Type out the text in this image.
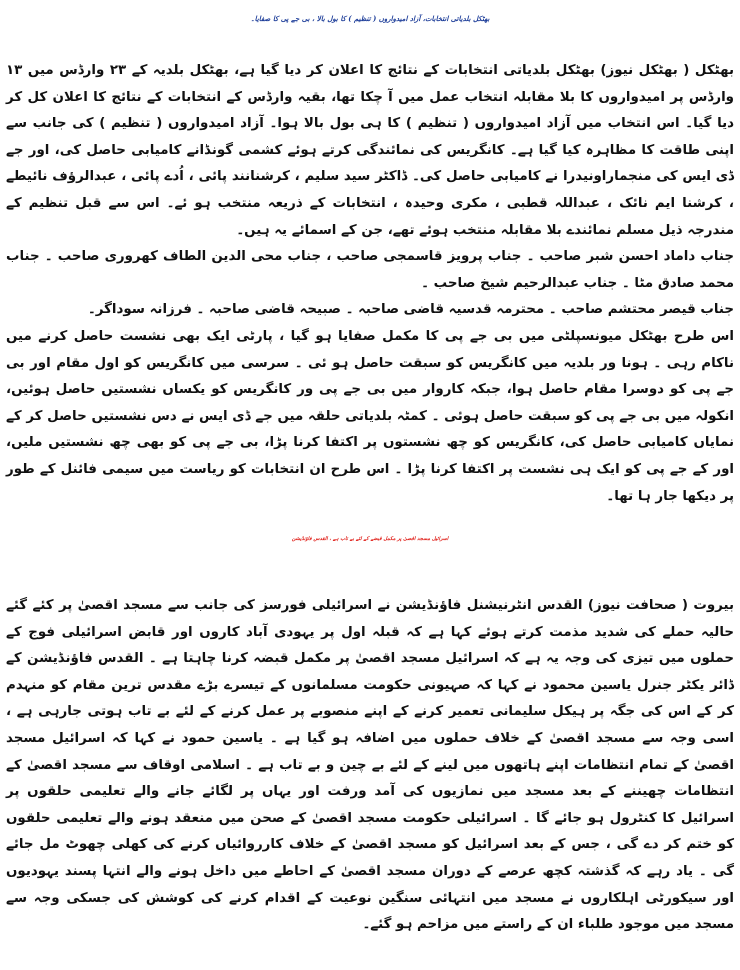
بھٹکل بلدیاتی انتخابات، آزاد امیدواروں ( تنظیم ) کا بول بالا ، بی جے پی کا صفایا۔

بھٹکل ( بھٹکل نیوز) بھٹکل بلدیاتی انتخابات کے نتائج کا اعلان کر دیا گیا ہے، بھٹکل بلدیہ کے ۲۳ وارڈس میں ۱۳ وارڈس پر امیدواروں کا بلا مقابلہ انتخاب عمل میں آ چکا تھا، بقیہ وارڈس کے انتخابات کے نتائج کا اعلان کل کر دیا گیا۔ اس انتخاب میں آزاد امیدواروں ( تنظیم ) کا ہی بول بالا ہوا۔ آزاد امیدواروں ( تنظیم ) کی جانب سے اپنی طاقت کا مظاہرہ کیا گیا ہے۔ کانگریس کی نمائندگی کرتے ہوئے کشمی گونڈانے کامیابی حاصل کی، اور جے ڈی ایس کی منجماراونیدرا نے کامیابی حاصل کی۔ ڈاکٹر سید سلیم ، کرشنانند پائی ، اُدے پائی ، عبدالرؤف نائیطے ، کرشنا ایم نائک ، عبداللہ قطبی ، مکری وحیدہ ، انتخابات کے ذریعہ منتخب ہو ئے۔ اس سے قبل تنظیم کے مندرجہ ذیل مسلم نمائندے بلا مقابلہ منتخب ہوئے تھے، جن کے اسمائے یہ ہیں۔

جناب داماد احسن شبر صاحب ۔ جناب پرویز قاسمجی صاحب ، جناب محی الدین الطاف کھروری صاحب ۔ جناب محمد صادق مٹا ۔ جناب عبدالرحیم شیخ صاحب ۔

جناب قیصر محتشم صاحب ۔ محترمہ قدسیہ قاضی صاحبہ ۔ صبیحہ قاضی صاحبہ ۔ فرزانہ سوداگر۔

اس طرح بھٹکل میونسپلٹی میں بی جے پی کا مکمل صفایا ہو گیا ، پارٹی ایک بھی نشست حاصل کرنے میں ناکام رہی ۔ ہونا ور بلدیہ میں کانگریس کو سبقت حاصل ہو ئی ۔ سرسی میں کانگریس کو اول مقام اور بی جے پی کو دوسرا مقام حاصل ہوا، جبکہ کاروار میں بی جے پی ور کانگریس کو یکساں نشستیں حاصل ہوئیں، انکولہ میں بی جے پی کو سبقت حاصل ہوئی ۔ کمٹہ بلدیاتی حلقہ میں جے ڈی ایس نے دس نشستیں حاصل کر کے نمایاں کامیابی حاصل کی، کانگریس کو چھ نشستوں پر اکتفا کرنا پڑا، بی جے پی کو بھی چھ نشستیں ملیں، اور کے جے پی کو ایک ہی نشست پر اکتفا کرنا پڑا ۔ اس طرح ان انتخابات کو ریاست میں سیمی فائنل کے طور پر دیکھا جار ہا تھا۔

اسرائیل مسجد اقصیٰ پر مکمل قبضے کے لئے بے تاب ہے ، القدس فاؤنڈیشن

بیروت ( صحافت نیوز) القدس انٹرنیشنل فاؤنڈیشن نے اسرائیلی فورسز کی جانب سے مسجد اقصیٰ پر کئے گئے حالیہ حملے کی شدید مذمت کرتے ہوئے کہا ہے کہ قبلہ اول پر یہودی آباد کاروں اور قابض اسرائیلی فوج کے حملوں میں تیزی کی وجہ یہ ہے کہ اسرائیل مسجد اقصیٰ پر مکمل قبضہ کرنا چاہتا ہے ۔ القدس فاؤنڈیشن کے ڈائر یکٹر جنرل یاسین محمود نے کہا کہ صہیونی حکومت مسلمانوں کے تیسرے بڑے مقدس ترین مقام کو منہدم کر کے اس کی جگہ پر ہیکل سلیمانی تعمیر کرنے کے اپنے منصوبے پر عمل کرنے کے لئے بے تاب ہوتی جارہی ہے ، اسی وجہ سے مسجد اقصیٰ کے خلاف حملوں میں اضافہ ہو گیا ہے ۔ یاسین حمود نے کہا کہ اسرائیل مسجد اقصیٰ کے تمام انتظامات اپنے ہاتھوں میں لینے کے لئے بے چین و بے تاب ہے ۔ اسلامی اوقاف سے مسجد اقصیٰ کے انتظامات چھیننے کے بعد مسجد میں نمازیوں کی آمد ورفت اور یہاں پر لگائے جانے والے تعلیمی حلقوں پر اسرائیل کا کنٹرول ہو جائے گا ۔ اسرائیلی حکومت مسجد اقصیٰ کے صحن میں منعقد ہونے والے تعلیمی حلقوں کو ختم کر دے گی ، جس کے بعد اسرائیل کو مسجد اقصیٰ کے خلاف کارروائیاں کرنے کی کھلی چھوٹ مل جائے گی ۔ یاد رہے کہ گذشتہ کچھ عرصے کے دوران مسجد اقصیٰ کے احاطے میں داخل ہونے والے انتہا پسند یہودیوں اور سیکورٹی اہلکاروں نے مسجد میں انتہائی سنگین نوعیت کے اقدام کرنے کی کوشش کی جسکی وجہ سے مسجد میں موجود طلباء ان کے راستے میں مزاحم ہو گئے۔
